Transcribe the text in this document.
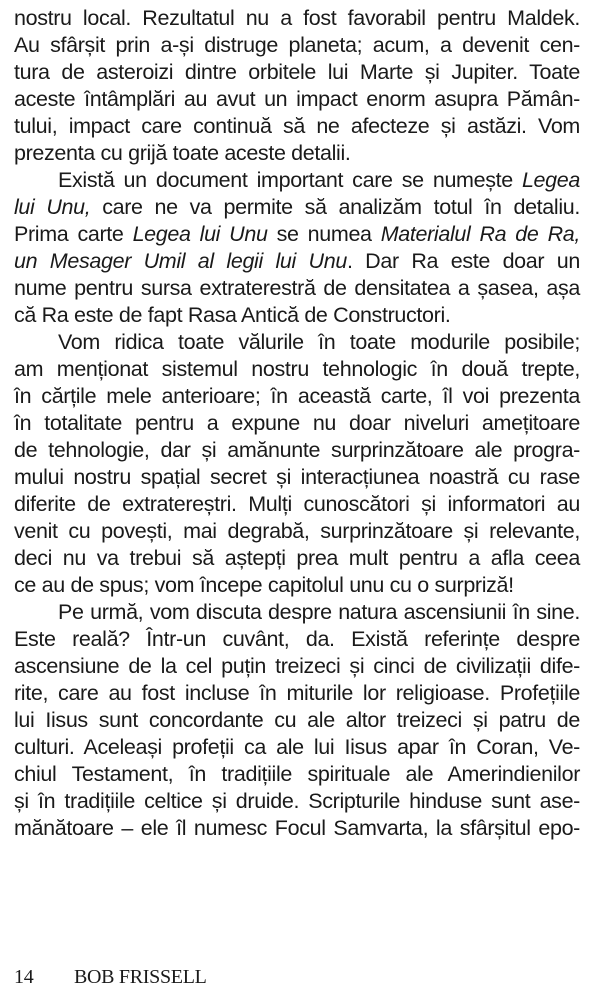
nostru local. Rezultatul nu a fost favorabil pentru Maldek.
Au sfârșit prin a-și distruge planeta; acum, a devenit cen-
tura de asteroizi dintre orbitele lui Marte și Jupiter. Toate
aceste întâmplări au avut un impact enorm asupra Pămân-
tului, impact care continuă să ne afecteze și astăzi. Vom
prezenta cu grijă toate aceste detalii.
Există un document important care se numește Legea
lui Unu, care ne va permite să analizăm totul în detaliu.
Prima carte Legea lui Unu se numea Materialul Ra de Ra,
un Mesager Umil al legii lui Unu. Dar Ra este doar un
nume pentru sursa extraterestră de densitatea a șasea, așa
că Ra este de fapt Rasa Antică de Constructori.
Vom ridica toate vălurile în toate modurile posibile;
am menționat sistemul nostru tehnologic în două trepte,
în cărțile mele anterioare; în această carte, îl voi prezenta
în totalitate pentru a expune nu doar niveluri amețitoare
de tehnologie, dar și amănunte surprinzătoare ale progra-
mului nostru spațial secret și interacțiunea noastră cu rase
diferite de extratereștri. Mulți cunoscători și informatori au
venit cu povești, mai degrabă, surprinzătoare și relevante,
deci nu va trebui să aștepți prea mult pentru a afla ceea
ce au de spus; vom începe capitolul unu cu o surpriză!
Pe urmă, vom discuta despre natura ascensiunii în sine.
Este reală? Într-un cuvânt, da. Există referințe despre
ascensiune de la cel puțin treizeci și cinci de civilizații dife-
rite, care au fost incluse în miturile lor religioase. Profețiile
lui Iisus sunt concordante cu ale altor treizeci și patru de
culturi. Aceleași profeții ca ale lui Iisus apar în Coran, Ve-
chiul Testament, în tradițiile spirituale ale Amerindienilor
și în tradițiile celtice și druide. Scripturile hinduse sunt ase-
mănătoare – ele îl numesc Focul Samvarta, la sfârșitul epo-
14 BOB FRISSELL
